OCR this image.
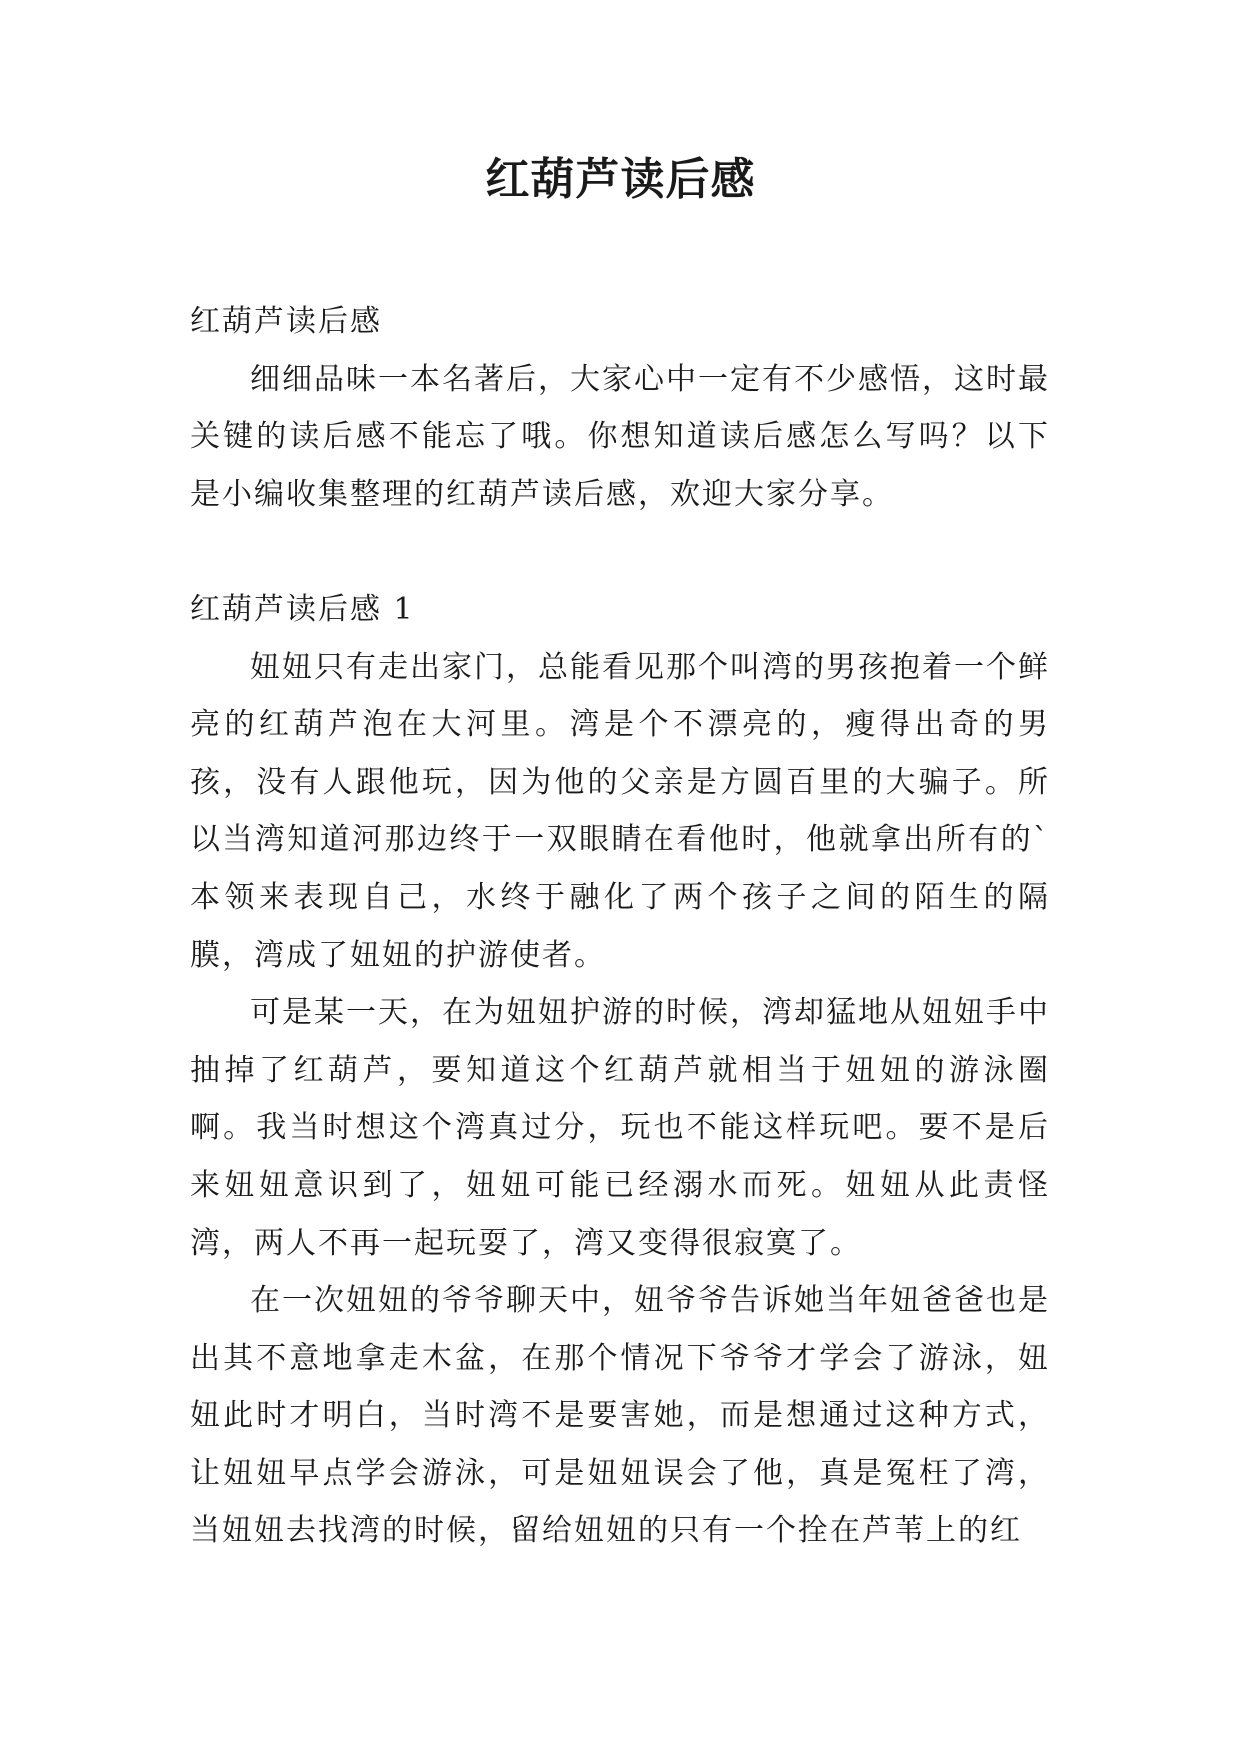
红葫芦读后感

红葫芦读后感

细细品味一本名著后，大家心中一定有不少感悟，这时最关键的读后感不能忘了哦。你想知道读后感怎么写吗？以下是小编收集整理的红葫芦读后感，欢迎大家分享。

红葫芦读后感 1

妞妞只有走出家门，总能看见那个叫湾的男孩抱着一个鲜亮的红葫芦泡在大河里。湾是个不漂亮的，瘦得出奇的男孩，没有人跟他玩，因为他的父亲是方圆百里的大骗子。所以当湾知道河那边终于一双眼睛在看他时，他就拿出所有的`本领来表现自己，水终于融化了两个孩子之间的陌生的隔膜，湾成了妞妞的护游使者。

可是某一天，在为妞妞护游的时候，湾却猛地从妞妞手中抽掉了红葫芦，要知道这个红葫芦就相当于妞妞的游泳圈啊。我当时想这个湾真过分，玩也不能这样玩吧。要不是后来妞妞意识到了，妞妞可能已经溺水而死。妞妞从此责怪湾，两人不再一起玩耍了，湾又变得很寂寞了。

在一次妞妞的爷爷聊天中，妞爷爷告诉她当年妞爸爸也是出其不意地拿走木盆，在那个情况下爷爷才学会了游泳，妞妞此时才明白，当时湾不是要害她，而是想通过这种方式，让妞妞早点学会游泳，可是妞妞误会了他，真是冤枉了湾，当妞妞去找湾的时候，留给妞妞的只有一个拴在芦苇上的红
